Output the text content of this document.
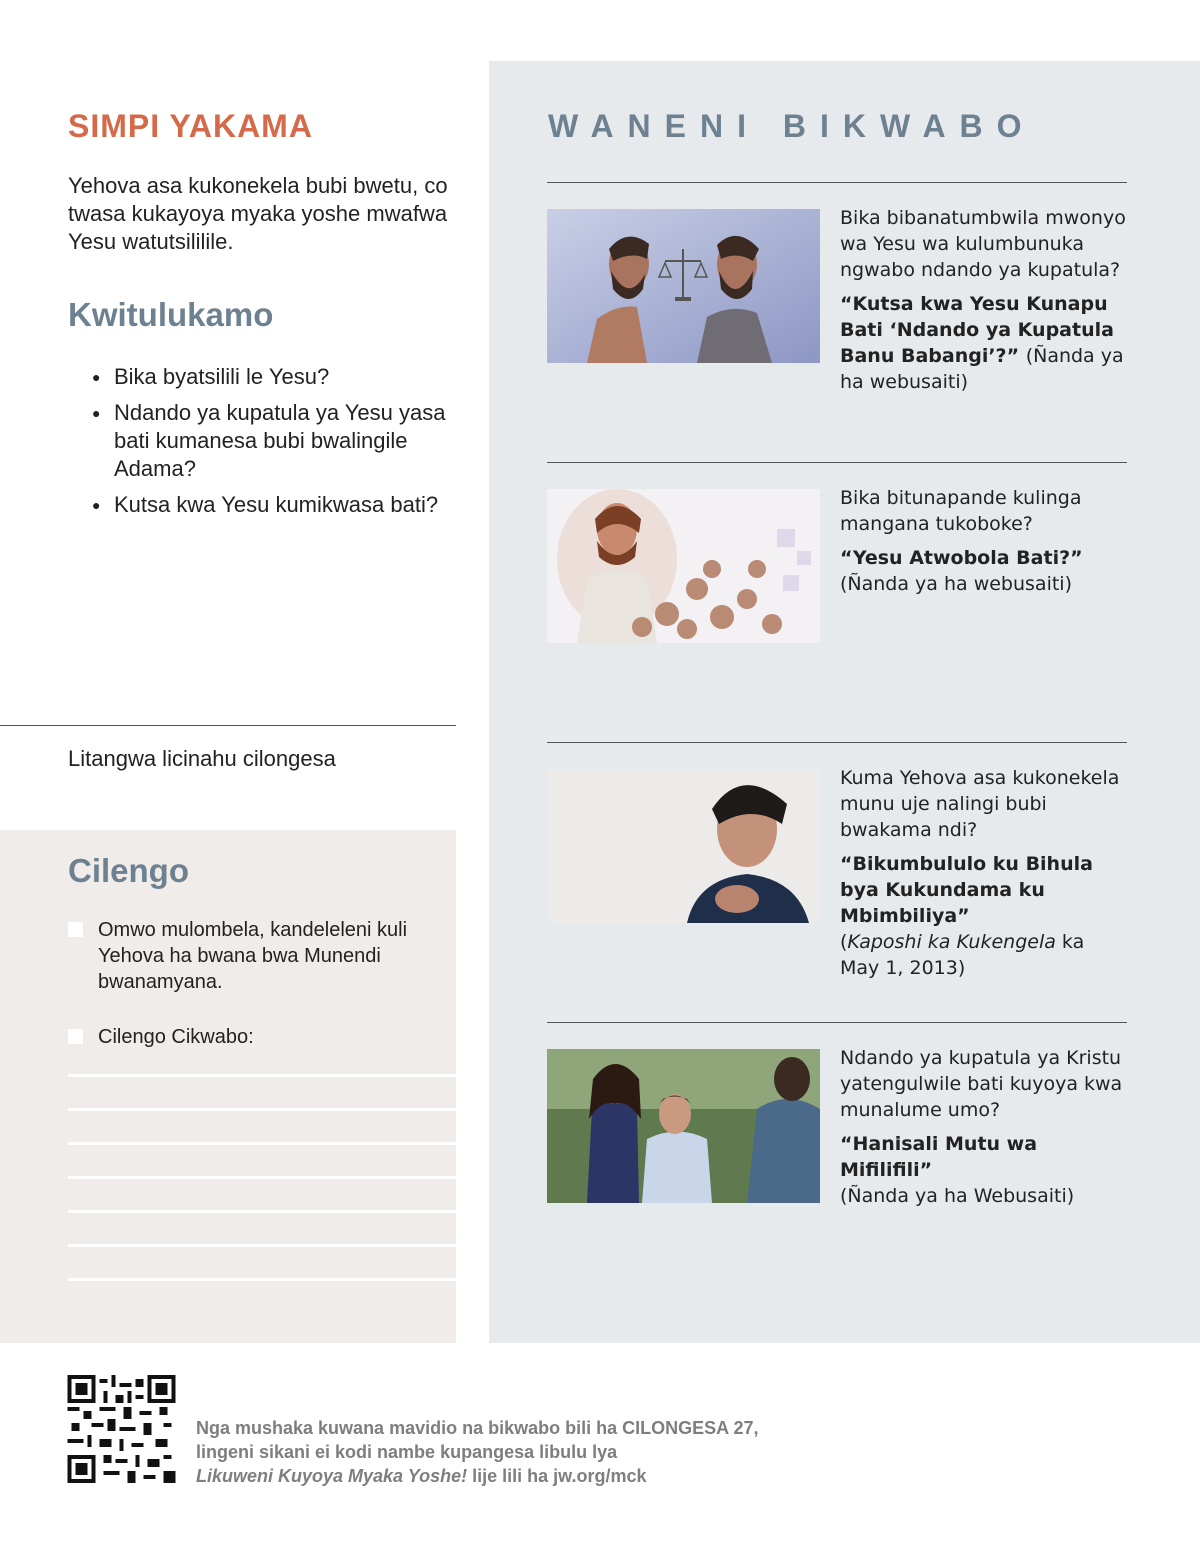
WANENI BIKWABO
Bika bibanatumbwila mwonyo wa Yesu wa kulumbunuka ngwabo ndando ya kupatula?
“Kutsa kwa Yesu Kunapu Bati ‘Ndando ya Kupatula Banu Babangi’?” (Ñanda ya ha webusaiti)
Bika bitunapande kulinga mangana tukoboke?
“Yesu Atwobola Bati?”
(Ñanda ya ha webusaiti)
Kuma Yehova asa kukonekela munu uje nalingi bubi bwakama ndi?
“Bikumbululo ku Bihula bya Kukundama ku Mbimbiliya”
(Kaposhi ka Kukengela ka May 1, 2013)
Ndando ya kupatula ya Kristu yatengulwile bati kuyoya kwa munalume umo?
“Hanisali Mutu wa Mifilifili”
(Ñanda ya ha Webusaiti)
SIMPI YAKAMA
Yehova asa kukonekela bubi bwetu, co twasa kukayoya myaka yoshe mwafwa Yesu watutsililile.
Kwitulukamo
● Bika byatsilili le Yesu?
● Ndando ya kupatula ya Yesu yasa bati kumanesa bubi bwalingile Adama?
● Kutsa kwa Yesu kumikwasa bati?
Litangwa licinahu cilongesa
Cilengo
Omwo mulombela, kandeleleni kuli Yehova ha bwana bwa Munendi bwanamyana.
Cilengo Cikwabo:
Nga mushaka kuwana mavidio na bikwabo bili ha CILONGESA 27,
lingeni sikani ei kodi nambe kupangesa libulu lya
Likuweni Kuyoya Myaka Yoshe! lije lili ha jw.org/mck
